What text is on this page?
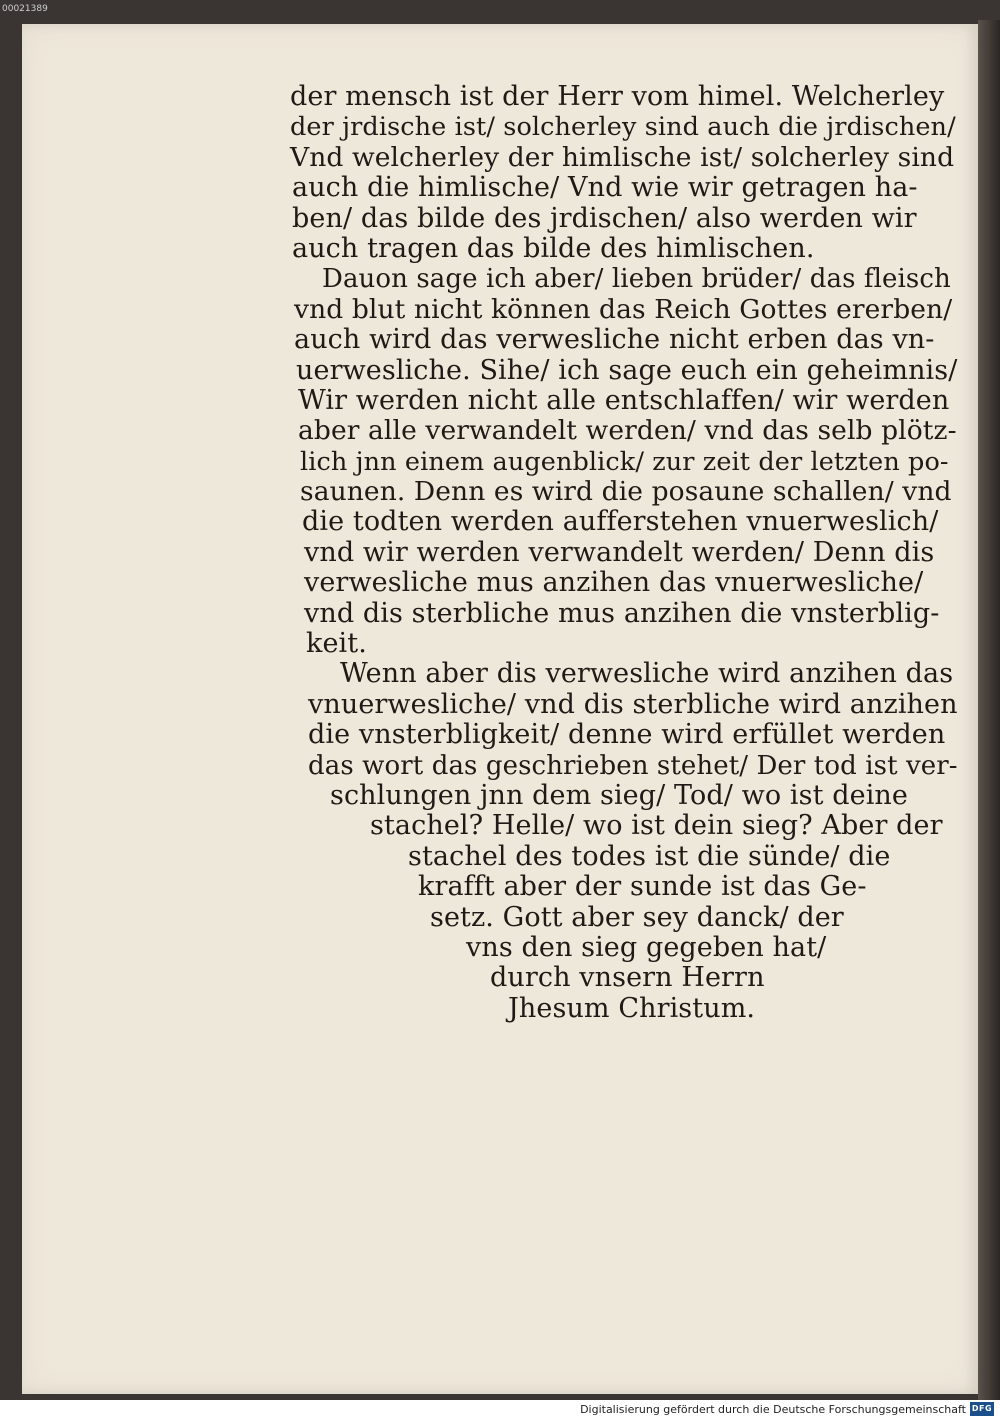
00021389
der mensch ist der Herr vom himel. Welcherley
der jrdische ist/ solcherley sind auch die jrdischen/
Vnd welcherley der himlische ist/ solcherley sind
auch die himlische/ Vnd wie wir getragen ha-
ben/ das bilde des jrdischen/ also werden wir
auch tragen das bilde des himlischen.
Dauon sage ich aber/ lieben brüder/ das fleisch
vnd blut nicht können das Reich Gottes ererben/
auch wird das verwesliche nicht erben das vn-
uerwesliche. Sihe/ ich sage euch ein geheimnis/
Wir werden nicht alle entschlaffen/ wir werden
aber alle verwandelt werden/ vnd das selb plötz-
lich jnn einem augenblick/ zur zeit der letzten po-
saunen. Denn es wird die posaune schallen/ vnd
die todten werden aufferstehen vnuerweslich/
vnd wir werden verwandelt werden/ Denn dis
verwesliche mus anzihen das vnuerwesliche/
vnd dis sterbliche mus anzihen die vnsterblig-
keit.
Wenn aber dis verwesliche wird anzihen das
vnuerwesliche/ vnd dis sterbliche wird anzihen
die vnsterbligkeit/ denne wird erfüllet werden
das wort das geschrieben stehet/ Der tod ist ver-
schlungen jnn dem sieg/ Tod/ wo ist deine
stachel? Helle/ wo ist dein sieg? Aber der
stachel des todes ist die sünde/ die
krafft aber der sunde ist das Ge-
setz. Gott aber sey danck/ der
vns den sieg gegeben hat/
durch vnsern Herrn
Jhesum Christum.
Digitalisierung gefördert durch die Deutsche Forschungsgemeinschaft DFG
